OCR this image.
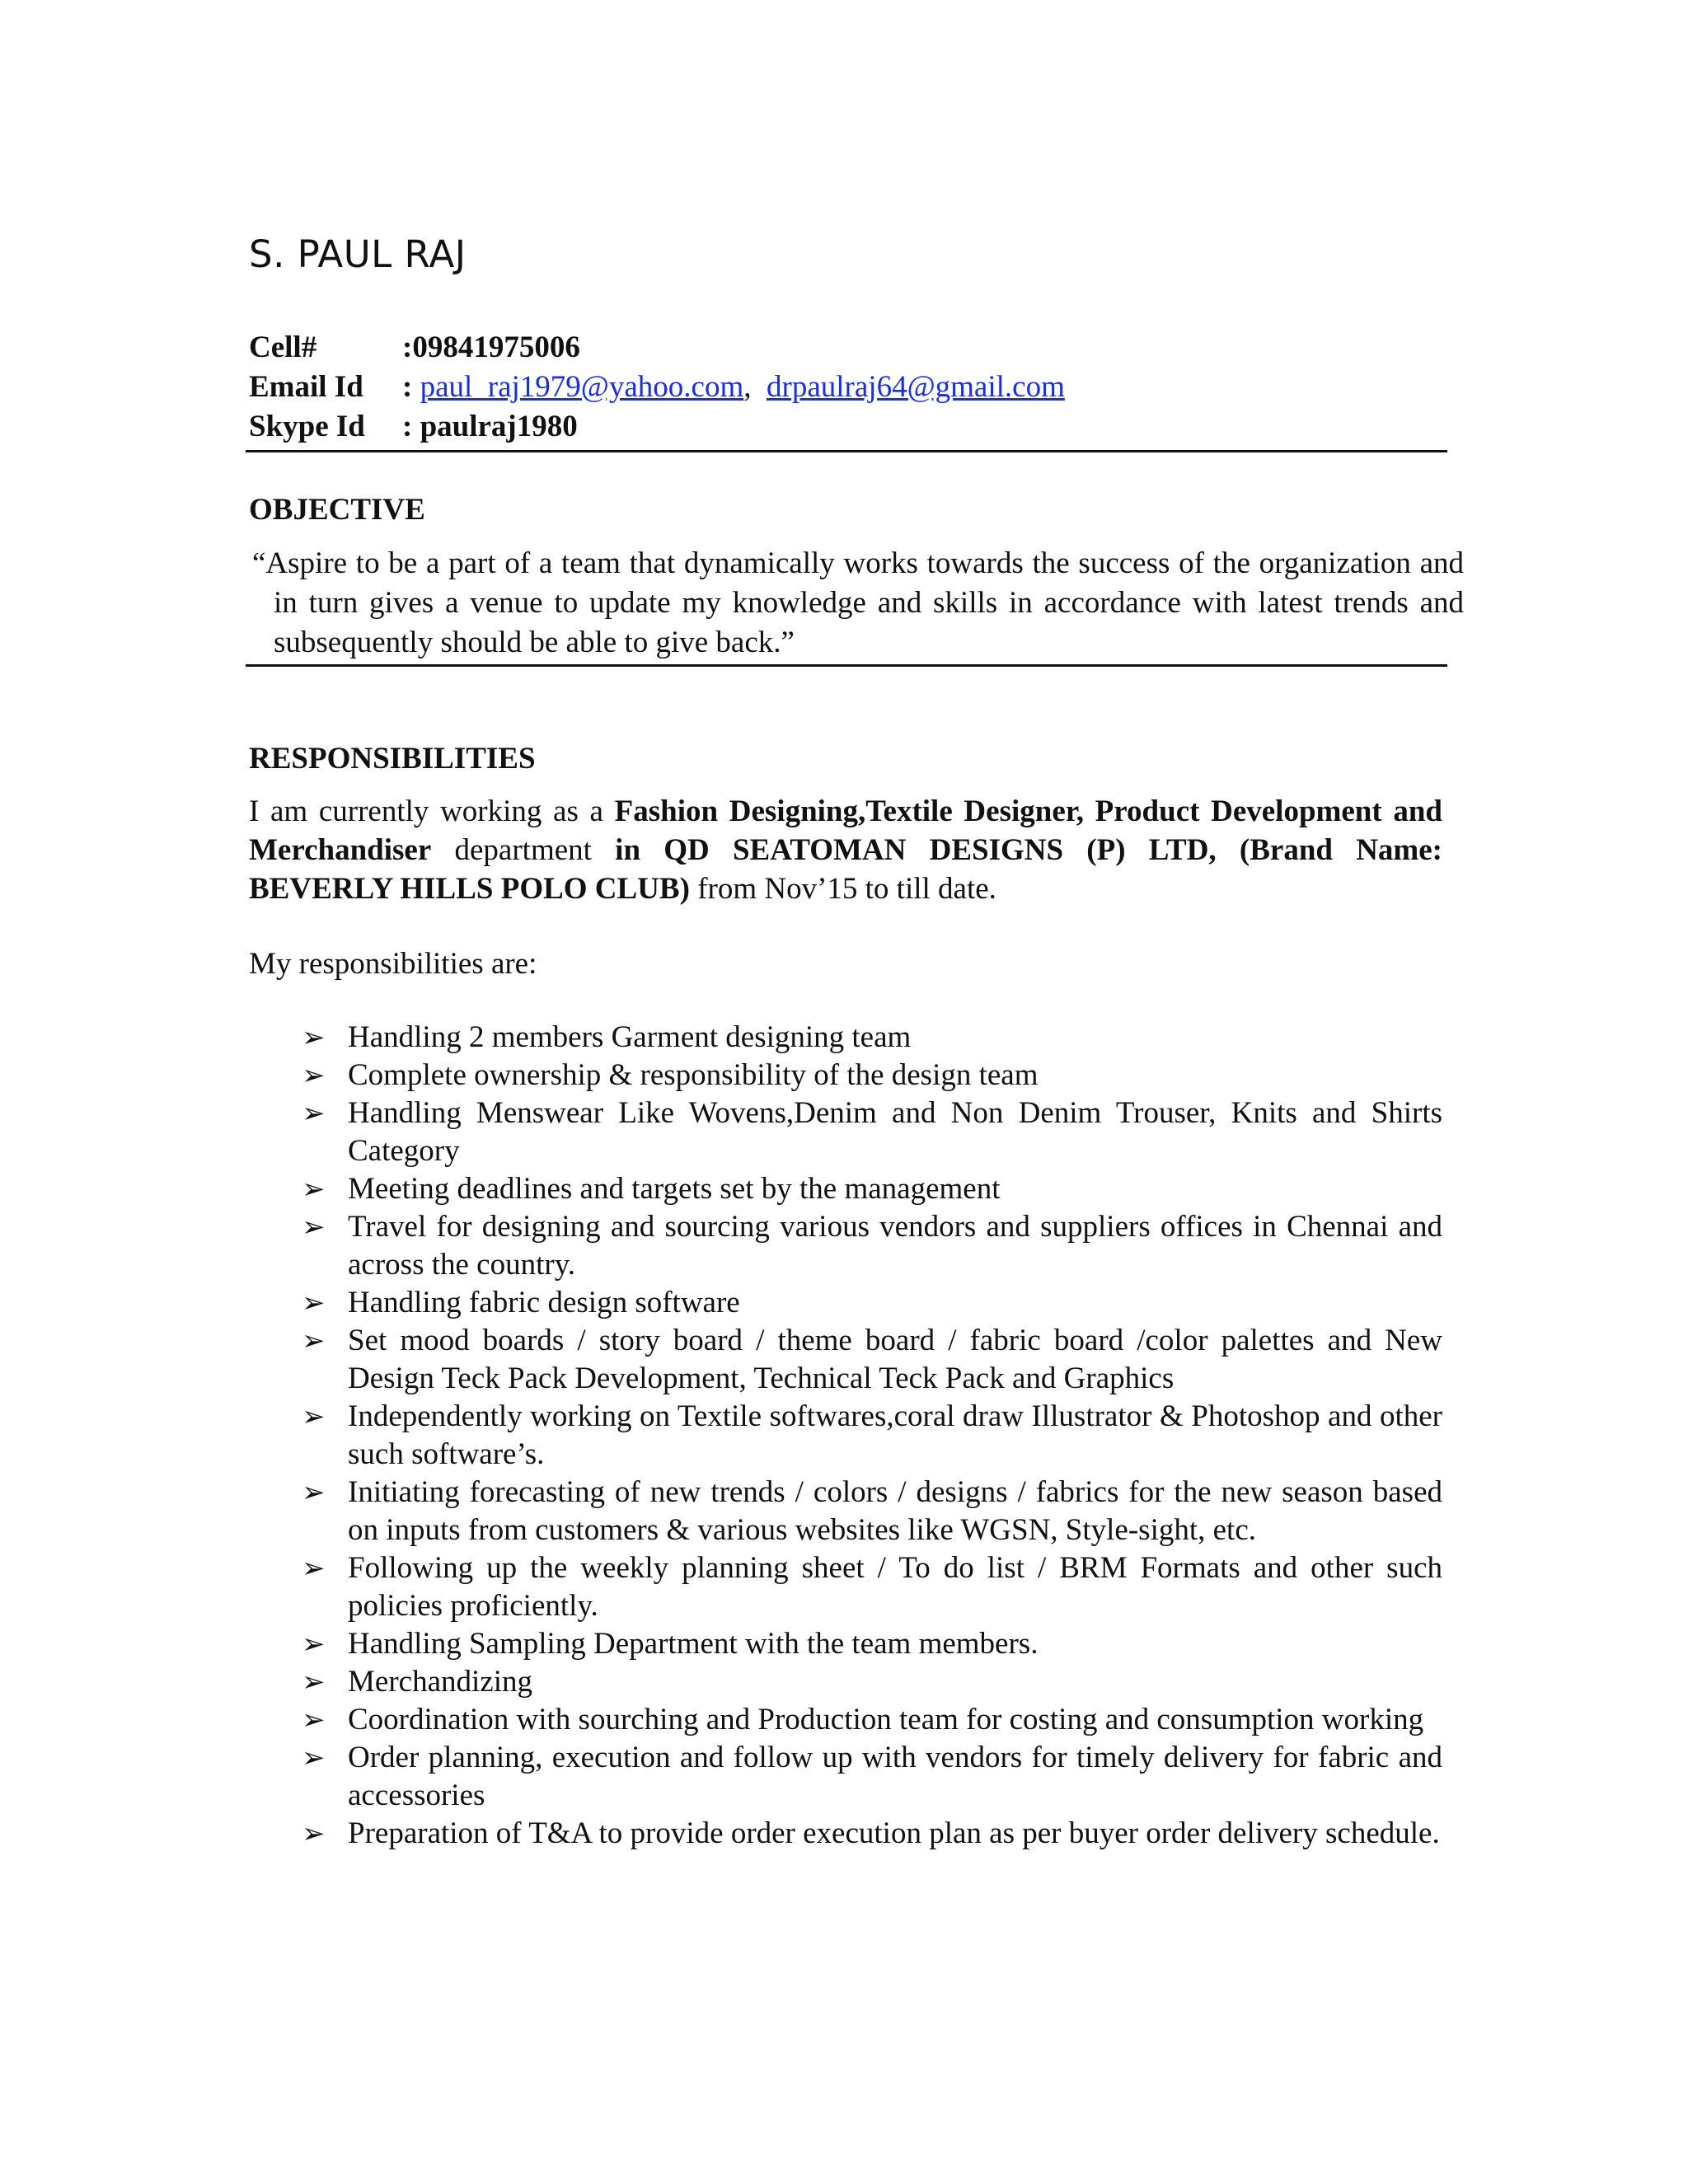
S. PAUL RAJ
Cell#	:09841975006
Email Id	: paul_raj1979@yahoo.com, drpaulraj64@gmail.com
Skype Id	: paulraj1980
OBJECTIVE
“Aspire to be a part of a team that dynamically works towards the success of the organization and in turn gives a venue to update my knowledge and skills in accordance with latest trends and subsequently should be able to give back.”
RESPONSIBILITIES
I am currently working as a Fashion Designing,Textile Designer, Product Development and Merchandiser department in QD SEATOMAN DESIGNS (P) LTD, (Brand Name: BEVERLY HILLS POLO CLUB) from Nov’15 to till date.
My responsibilities are:
➢ Handling 2 members Garment designing team
➢ Complete ownership & responsibility of the design team
➢ Handling Menswear Like Wovens,Denim and Non Denim Trouser, Knits and Shirts Category
➢ Meeting deadlines and targets set by the management
➢ Travel for designing and sourcing various vendors and suppliers offices in Chennai and across the country.
➢ Handling fabric design software
➢ Set mood boards / story board / theme board / fabric board /color palettes and New Design Teck Pack Development, Technical Teck Pack and Graphics
➢ Independently working on Textile softwares,coral draw Illustrator & Photoshop and other such software’s.
➢ Initiating forecasting of new trends / colors / designs / fabrics for the new season based on inputs from customers & various websites like WGSN, Style-sight, etc.
➢ Following up the weekly planning sheet / To do list / BRM Formats and other such policies proficiently.
➢ Handling Sampling Department with the team members.
➢ Merchandizing
➢ Coordination with sourching and Production team for costing and consumption working
➢ Order planning, execution and follow up with vendors for timely delivery for fabric and accessories
➢ Preparation of T&A to provide order execution plan as per buyer order delivery schedule.
